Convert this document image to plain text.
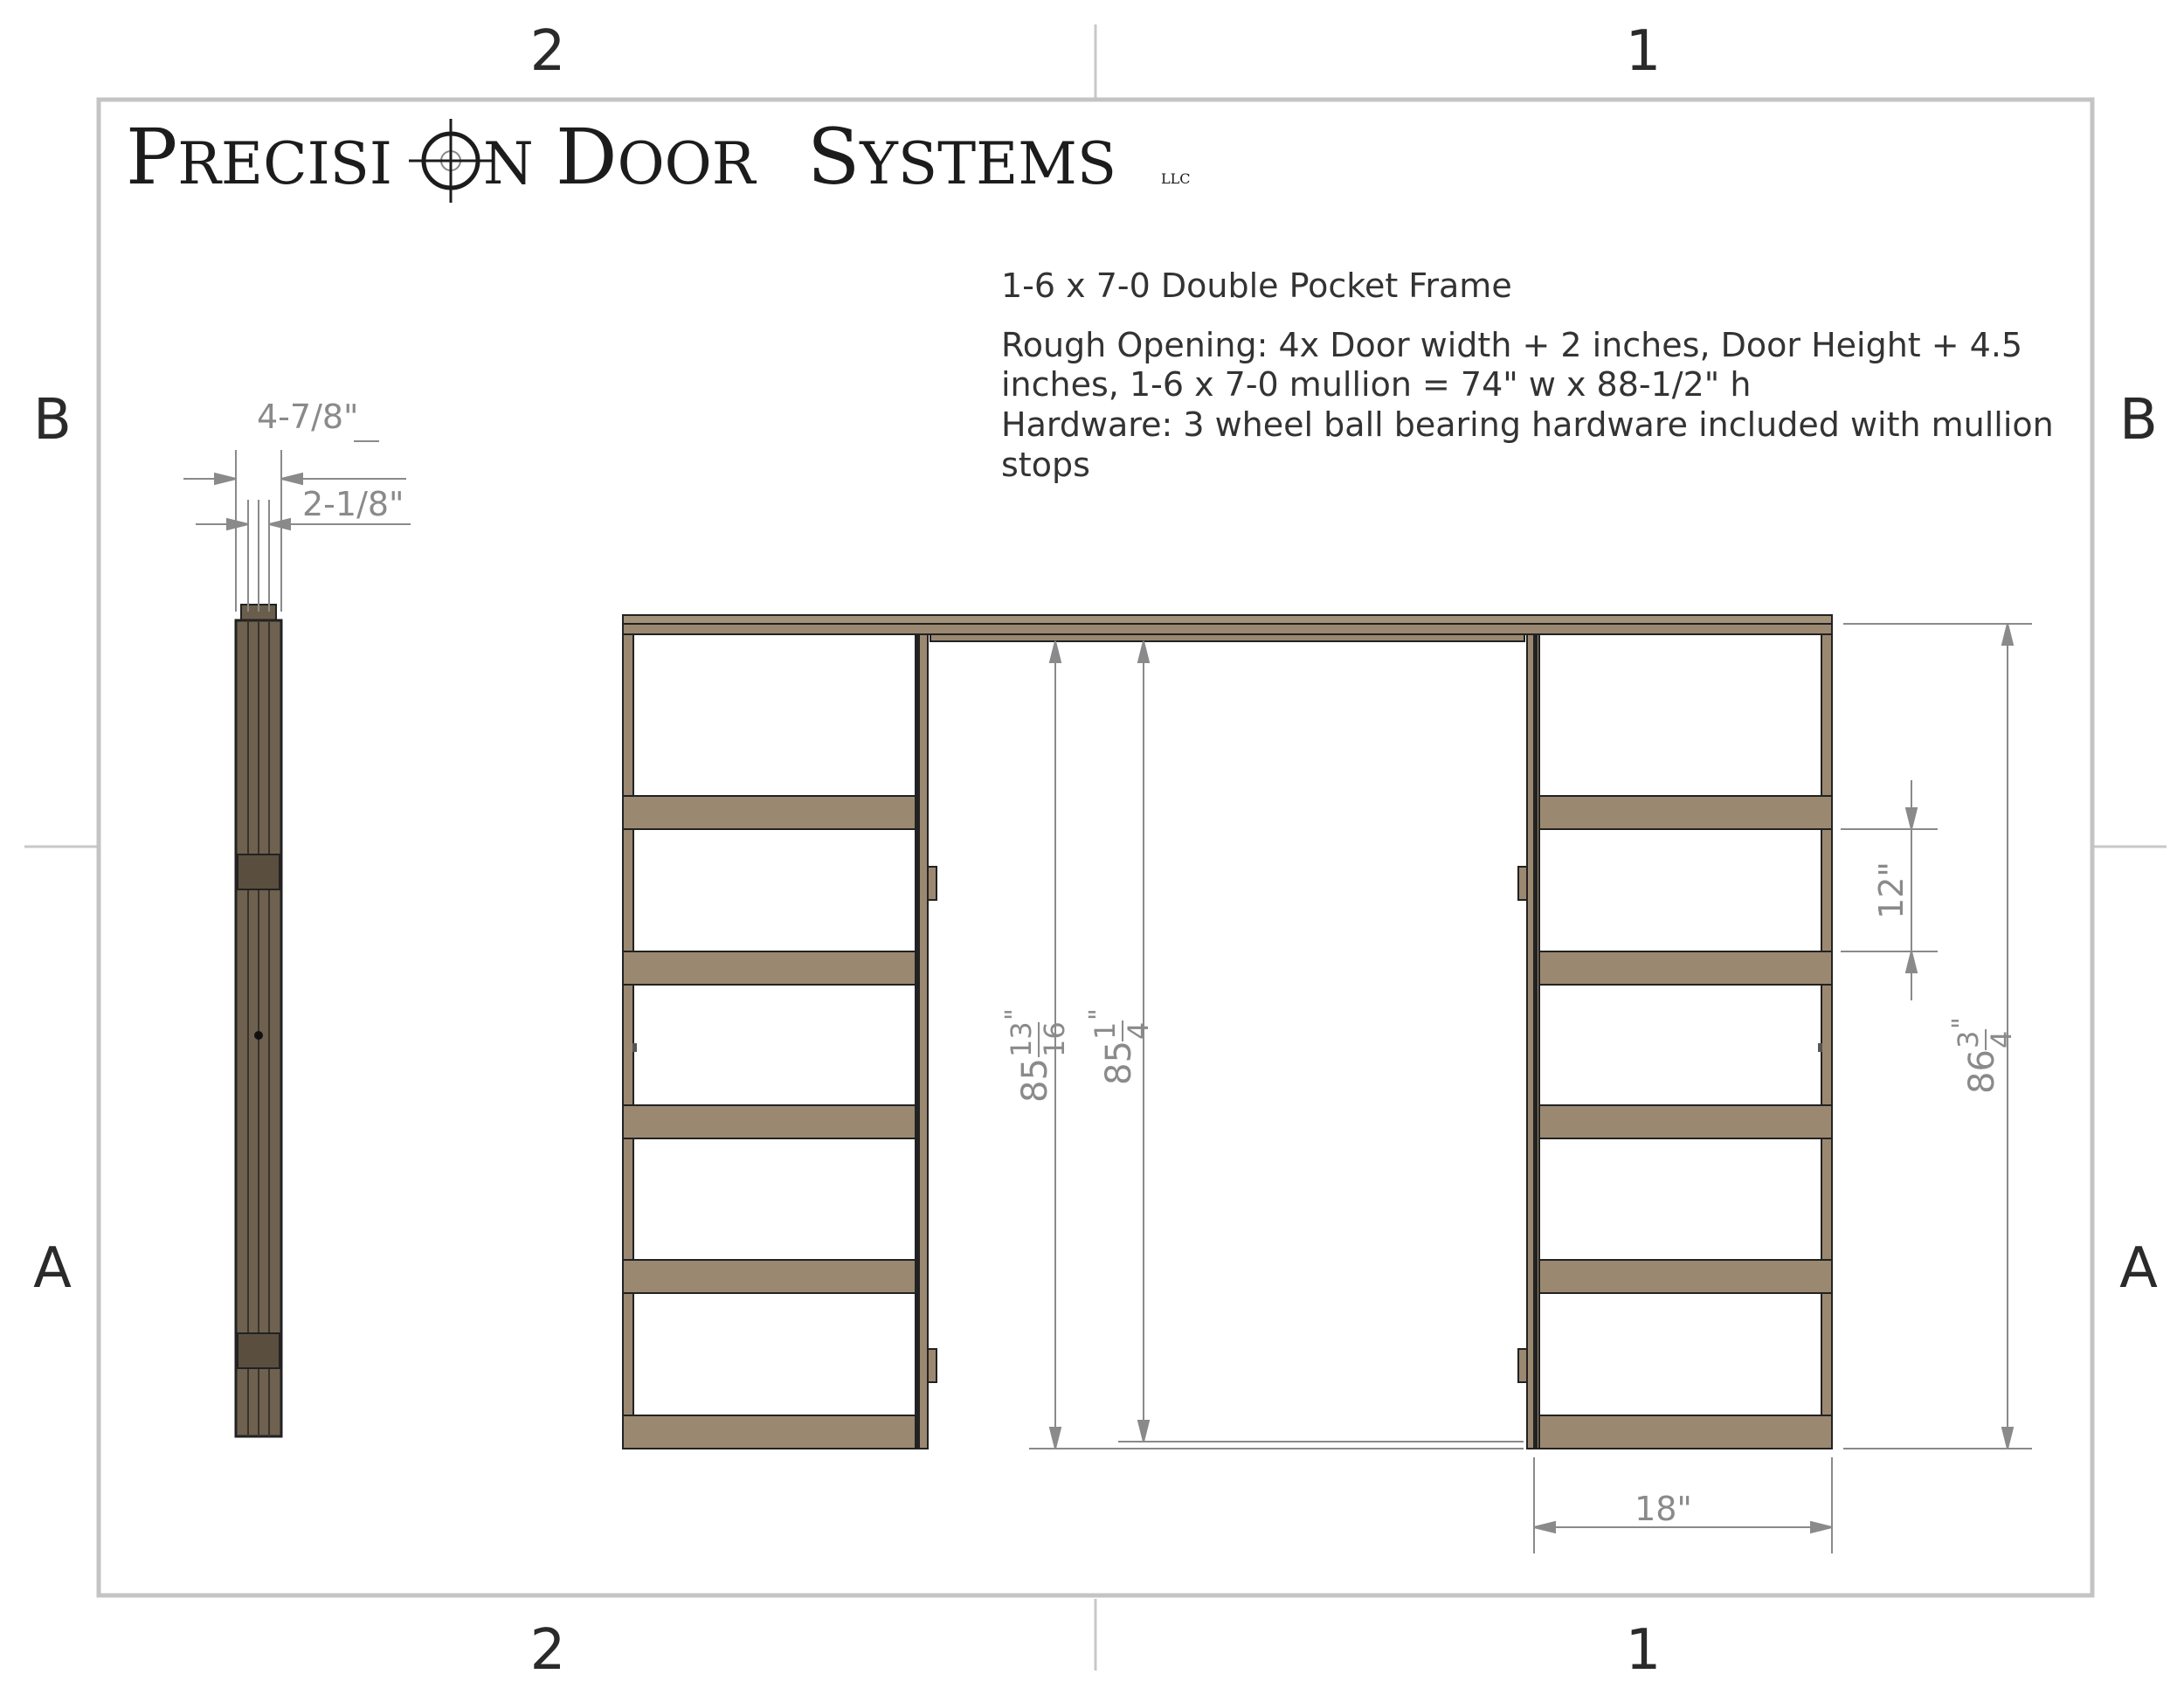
2	1
2	1
B	B
A	A
PRECISI N DOOR SYSTEMS	LLC
1-6 x 7-0 Double Pocket Frame
Rough Opening: 4x Door width + 2 inches, Door Height + 4.5
inches, 1-6 x 7-0 mullion = 74" w x 88-1/2" h
Hardware: 3 wheel ball bearing hardware included with mullion
stops
4-7/8"
2-1/8"
85
13 16
"
85
1 4
"
86
3 4
"
12"
18"
